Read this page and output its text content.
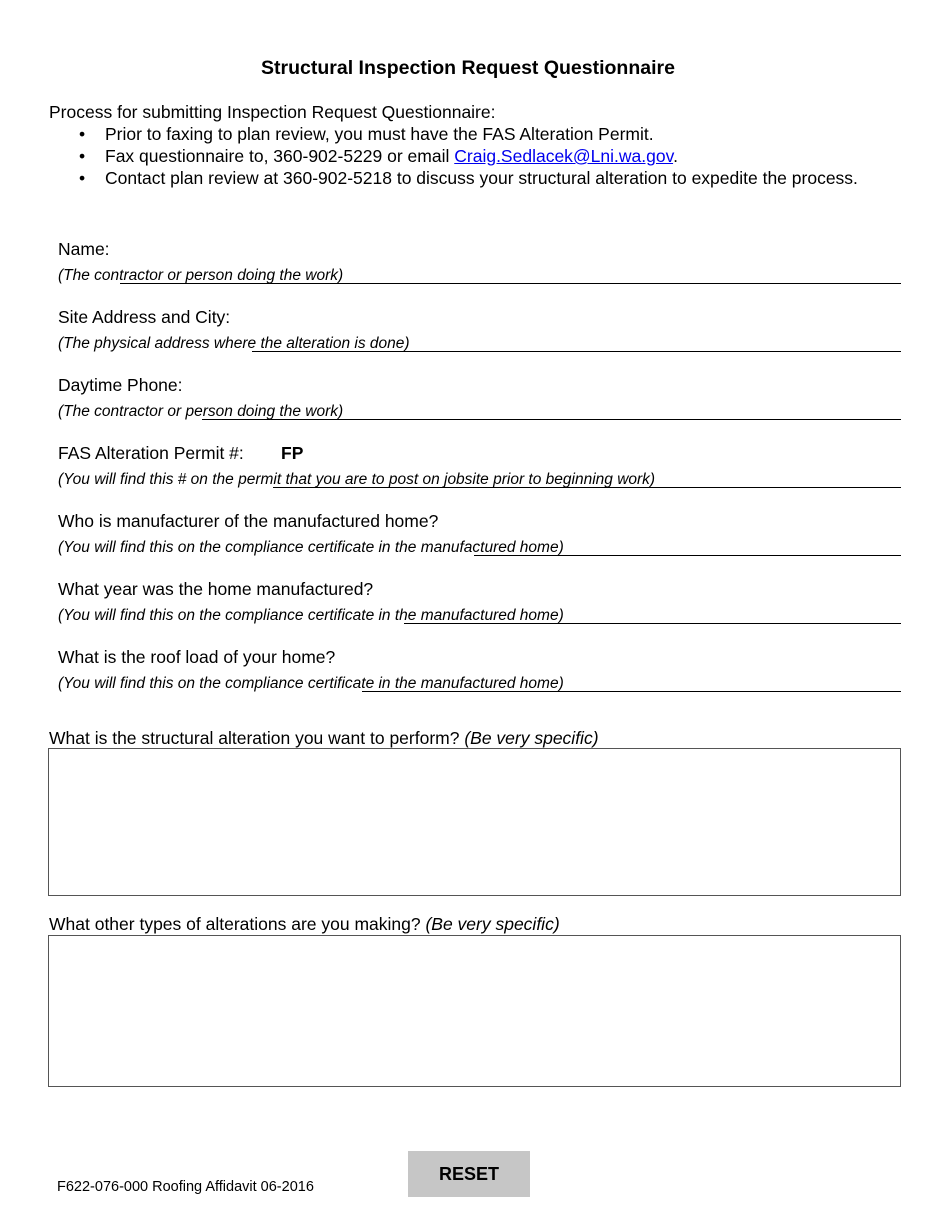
Structural Inspection Request Questionnaire
Process for submitting Inspection Request Questionnaire:
• Prior to faxing to plan review, you must have the FAS Alteration Permit.
• Fax questionnaire to, 360-902-5229 or email Craig.Sedlacek@Lni.wa.gov.
• Contact plan review at 360-902-5218 to discuss your structural alteration to expedite the process.
Name:
(The contractor or person doing the work)
Site Address and City:
(The physical address where the alteration is done)
Daytime Phone:
(The contractor or person doing the work)
FAS Alteration Permit #: FP
(You will find this # on the permit that you are to post on jobsite prior to beginning work)
Who is manufacturer of the manufactured home?
(You will find this on the compliance certificate in the manufactured home)
What year was the home manufactured?
(You will find this on the compliance certificate in the manufactured home)
What is the roof load of your home?
(You will find this on the compliance certificate in the manufactured home)
What is the structural alteration you want to perform? (Be very specific)
What other types of alterations are you making? (Be very specific)
F622-076-000 Roofing Affidavit 06-2016
RESET
